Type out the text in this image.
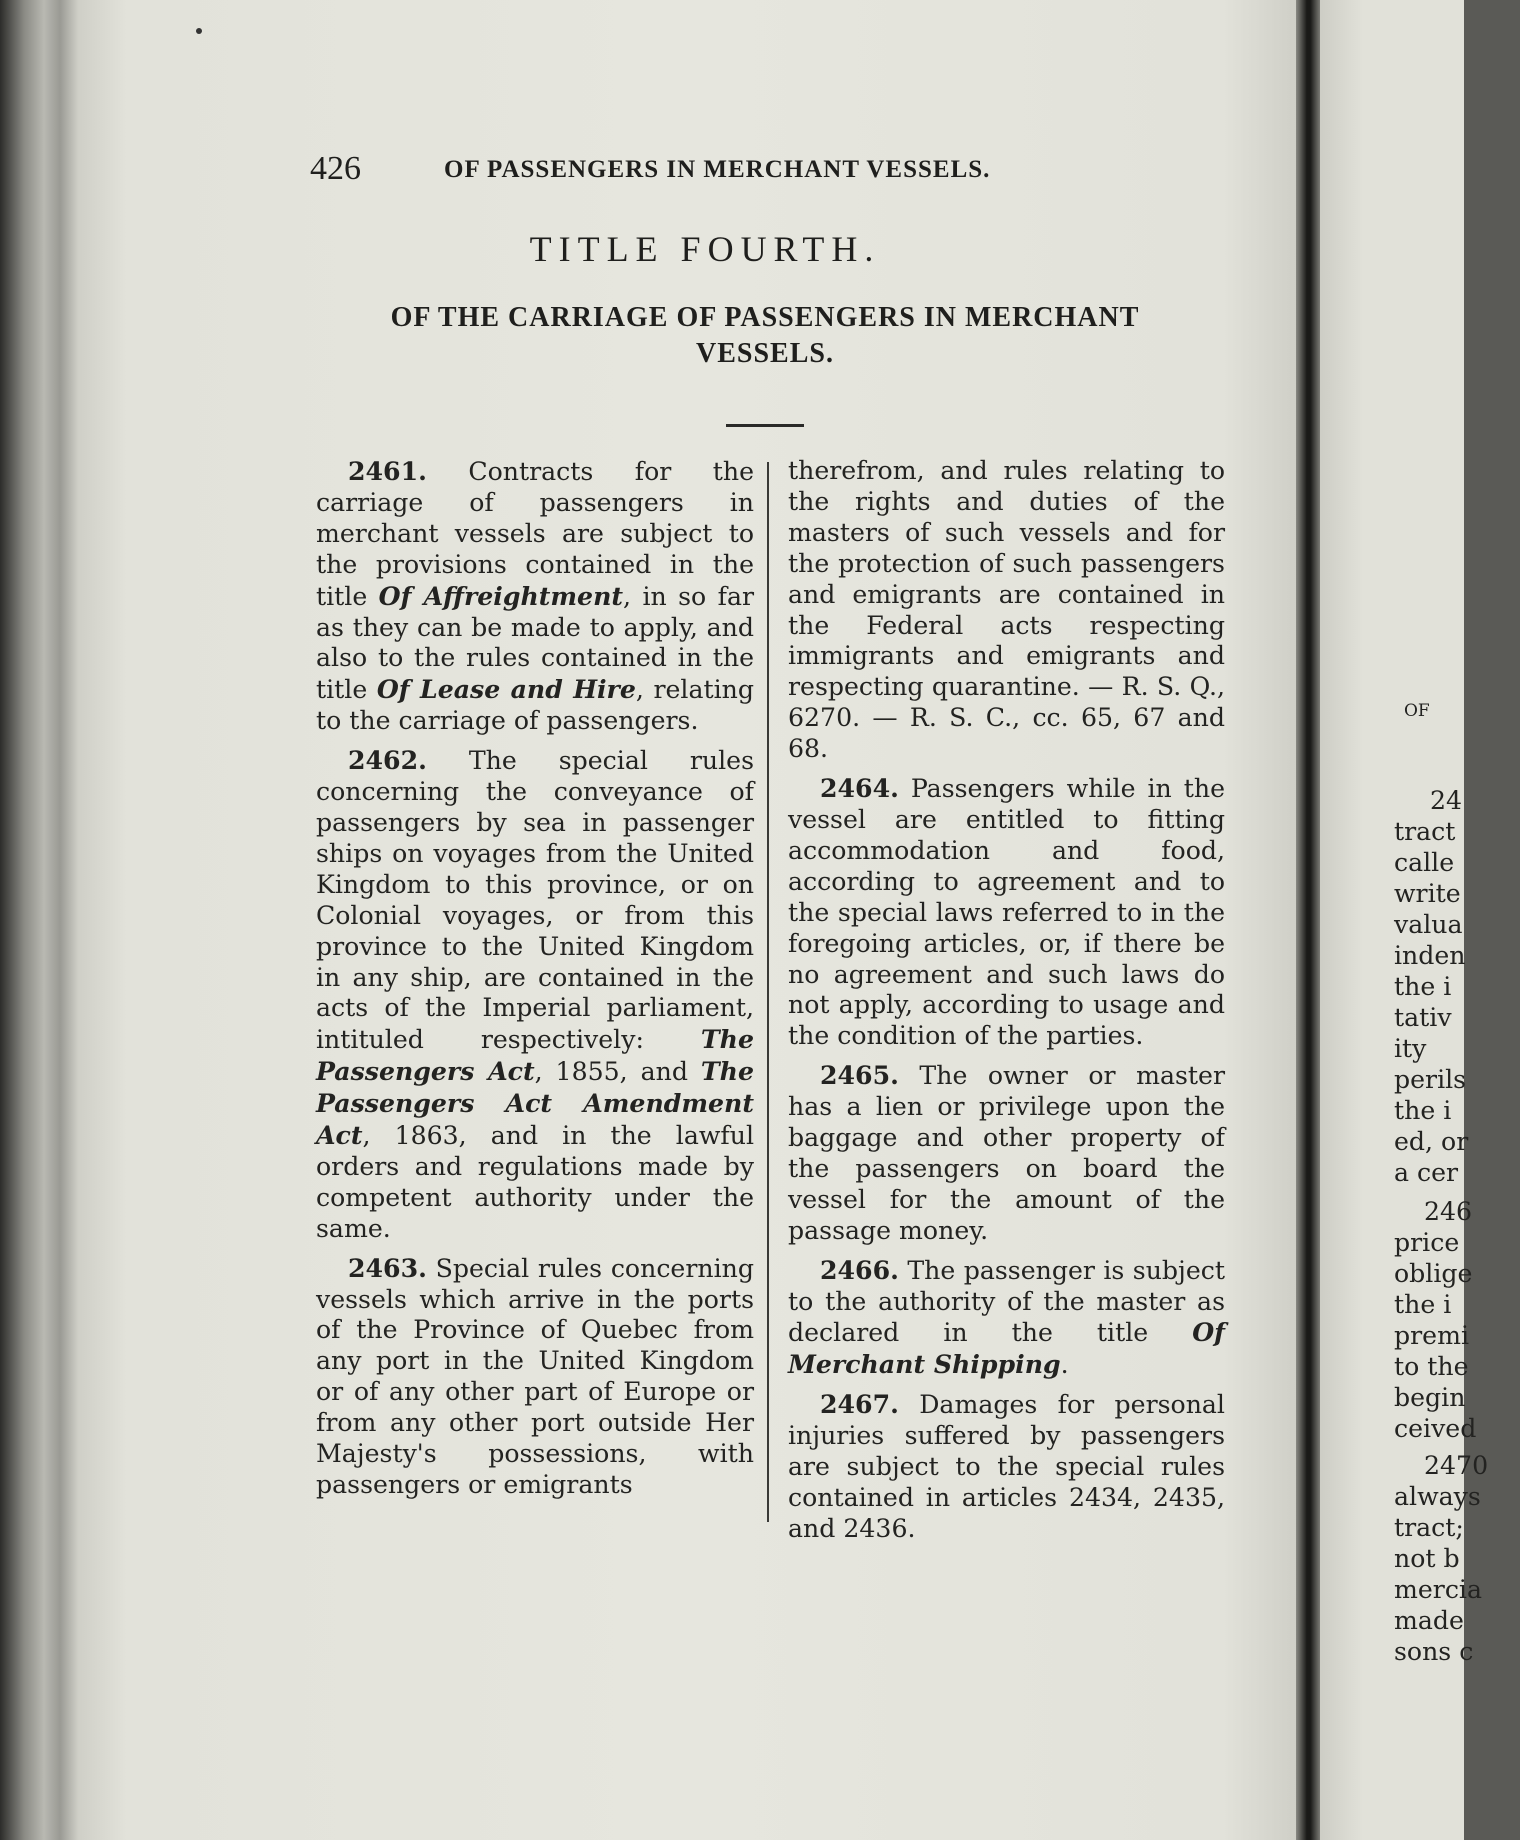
OF
24
tract
calle
write
valua
inden
the i
tativ
ity
perils
the i
ed, or
a cer
246
price
oblige
the i
premi
to the
begin
ceived
2470
always
tract;
not b
mercia
made
sons c
426	OF PASSENGERS IN MERCHANT VESSELS.
TITLE FOURTH.
OF THE CARRIAGE OF PASSENGERS IN MERCHANT
VESSELS.

2461. Contracts for the carriage of passengers in merchant vessels are subject to the provisions contained in the title Of Affreightment, in so far as they can be made to apply, and also to the rules contained in the title Of Lease and Hire, relating to the carriage of passengers.

2462. The special rules concerning the conveyance of passengers by sea in passenger ships on voyages from the United Kingdom to this province, or on Colonial voyages, or from this province to the United Kingdom in any ship, are contained in the acts of the Imperial parliament, intituled respectively: The Passengers Act, 1855, and The Passengers Act Amendment Act, 1863, and in the lawful orders and regulations made by competent authority under the same.

2463. Special rules concerning vessels which arrive in the ports of the Province of Quebec from any port in the United Kingdom or of any other part of Europe or from any other port outside Her Majesty's possessions, with passengers or emigrants

therefrom, and rules relating to the rights and duties of the masters of such vessels and for the protection of such passengers and emigrants are contained in the Federal acts respecting immigrants and emigrants and respecting quarantine. — R. S. Q., 6270. — R. S. C., cc. 65, 67 and 68.

2464. Passengers while in the vessel are entitled to fitting accommodation and food, according to agreement and to the special laws referred to in the foregoing articles, or, if there be no agreement and such laws do not apply, according to usage and the condition of the parties.

2465. The owner or master has a lien or privilege upon the baggage and other property of the passengers on board the vessel for the amount of the passage money.

2466. The passenger is subject to the authority of the master as declared in the title Of Merchant Shipping.

2467. Damages for personal injuries suffered by passengers are subject to the special rules contained in articles 2434, 2435, and 2436.
